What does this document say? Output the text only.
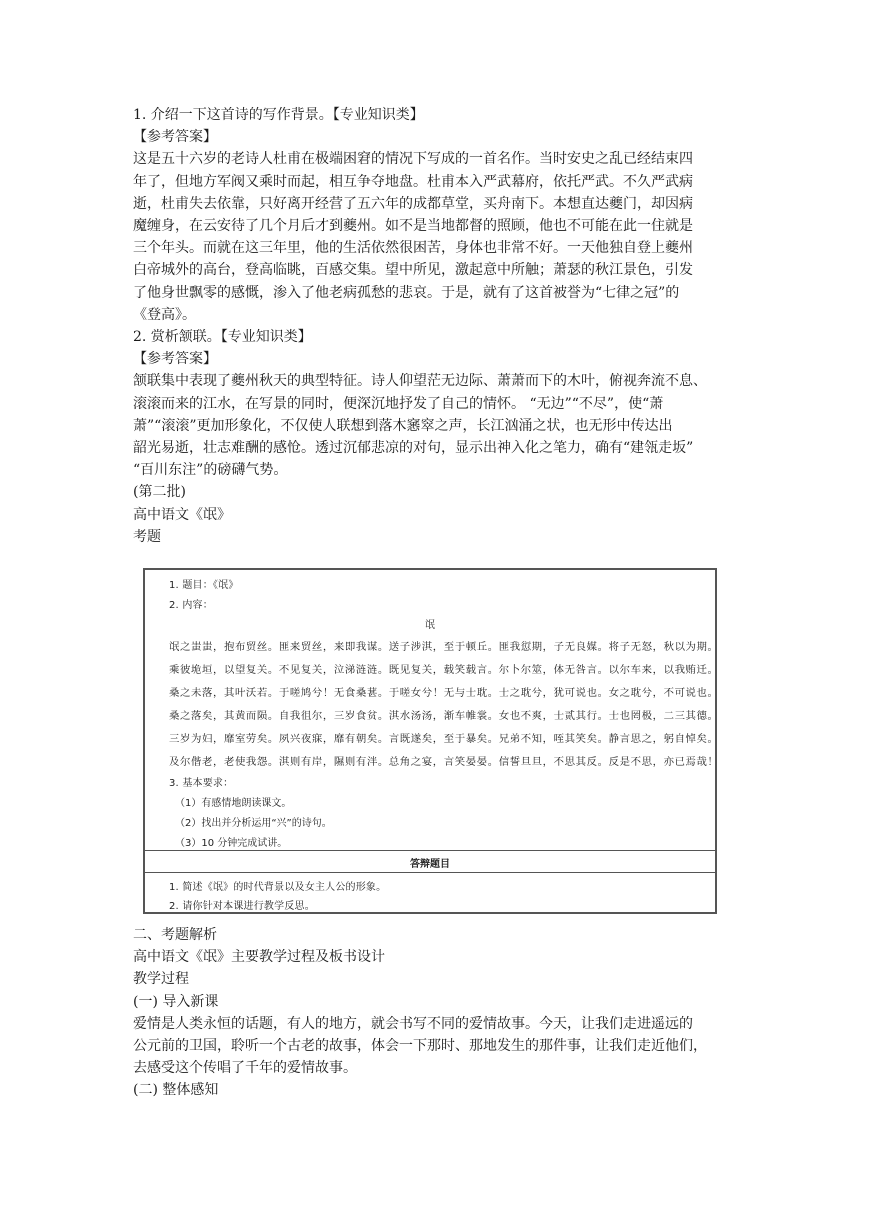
1. 介绍一下这首诗的写作背景。【专业知识类】
【参考答案】
这是五十六岁的老诗人杜甫在极端困窘的情况下写成的一首名作。当时安史之乱已经结束四
年了，但地方军阀又乘时而起，相互争夺地盘。杜甫本入严武幕府，依托严武。不久严武病
逝，杜甫失去依靠，只好离开经营了五六年的成都草堂，买舟南下。本想直达夔门，却因病
魔缠身，在云安待了几个月后才到夔州。如不是当地都督的照顾，他也不可能在此一住就是
三个年头。而就在这三年里，他的生活依然很困苦，身体也非常不好。一天他独自登上夔州
白帝城外的高台，登高临眺，百感交集。望中所见，激起意中所触；萧瑟的秋江景色，引发
了他身世飘零的感慨，渗入了他老病孤愁的悲哀。于是，就有了这首被誉为“七律之冠”的
《登高》。
2. 赏析颔联。【专业知识类】
【参考答案】
颔联集中表现了夔州秋天的典型特征。诗人仰望茫无边际、萧萧而下的木叶，俯视奔流不息、
滚滚而来的江水，在写景的同时，便深沉地抒发了自己的情怀。 “无边”“不尽”，使“萧
萧”“滚滚”更加形象化，不仅使人联想到落木窸窣之声，长江汹涌之状，也无形中传达出
韶光易逝，壮志难酬的感怆。透过沉郁悲凉的对句，显示出神入化之笔力，确有“建瓴走坂”
“百川东注”的磅礴气势。
(第二批)
高中语文《氓》
考题
1. 题目：《氓》
2. 内容：
氓
氓之蚩蚩，抱布贸丝。匪来贸丝，来即我谋。送子涉淇，至于顿丘。匪我愆期，子无良媒。将子无怒，秋以为期。
乘彼垝垣，以望复关。不见复关，泣涕涟涟。既见复关，载笑载言。尔卜尔筮，体无咎言。以尔车来，以我贿迁。
桑之未落，其叶沃若。于嗟鸠兮！无食桑葚。于嗟女兮！无与士耽。士之耽兮，犹可说也。女之耽兮，不可说也。
桑之落矣，其黄而陨。自我徂尔，三岁食贫。淇水汤汤，渐车帷裳。女也不爽，士贰其行。士也罔极，二三其德。
三岁为妇，靡室劳矣。夙兴夜寐，靡有朝矣。言既遂矣，至于暴矣。兄弟不知，咥其笑矣。静言思之，躬自悼矣。
及尔偕老，老使我怨。淇则有岸，隰则有泮。总角之宴，言笑晏晏。信誓旦旦，不思其反。反是不思，亦已焉哉！
3. 基本要求：
（1）有感情地朗读课文。
（2）找出并分析运用“兴”的诗句。
（3）10 分钟完成试讲。
答辩题目
1. 简述《氓》的时代背景以及女主人公的形象。
2. 请你针对本课进行教学反思。
二、考题解析
高中语文《氓》主要教学过程及板书设计
教学过程
(一) 导入新课
爱情是人类永恒的话题，有人的地方，就会书写不同的爱情故事。今天，让我们走进遥远的
公元前的卫国，聆听一个古老的故事，体会一下那时、那地发生的那件事，让我们走近他们，
去感受这个传唱了千年的爱情故事。
(二) 整体感知
